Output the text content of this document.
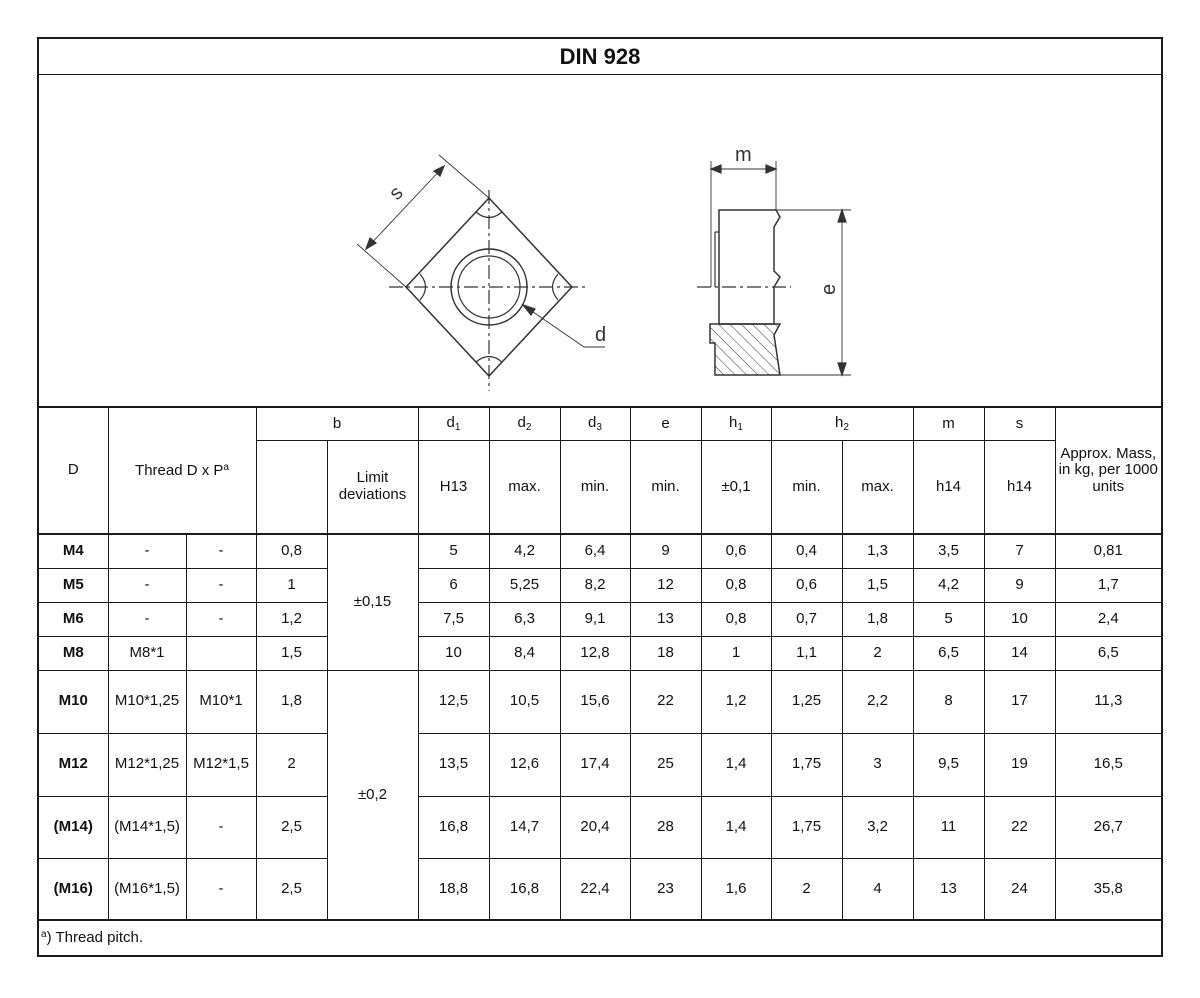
DIN 928
s
d
m
e
D	Thread D x $P^a$		b		$d_1$	$d_2$	$d_3$	e	$h_1$	$h_2$		m	s	Approx. Mass, in kg, per 1000 units
				Limit deviations	H13	max.	min.	min.	±0,1	min.	max.	h14	h14	
M4	-	-	0,8	±0,15	5	4,2	6,4	9	0,6	0,4	1,3	3,5	7	0,81
M5	-	-	1		6	5,25	8,2	12	0,8	0,6	1,5	4,2	9	1,7
M6	-	-	1,2		7,5	6,3	9,1	13	0,8	0,7	1,8	5	10	2,4
M8	M8*1		1,5		10	8,4	12,8	18	1	1,1	2	6,5	14	6,5
M10	M10*1,25	M10*1	1,8	±0,2	12,5	10,5	15,6	22	1,2	1,25	2,2	8	17	11,3
M12	M12*1,25	M12*1,5	2		13,5	12,6	17,4	25	1,4	1,75	3	9,5	19	16,5
(M14)	(M14*1,5)	-	2,5		16,8	14,7	20,4	28	1,4	1,75	3,2	11	22	26,7
(M16)	(M16*1,5)	-	2,5		18,8	16,8	22,4	23	1,6	2	4	13	24	35,8
$^a$) Thread pitch.														
